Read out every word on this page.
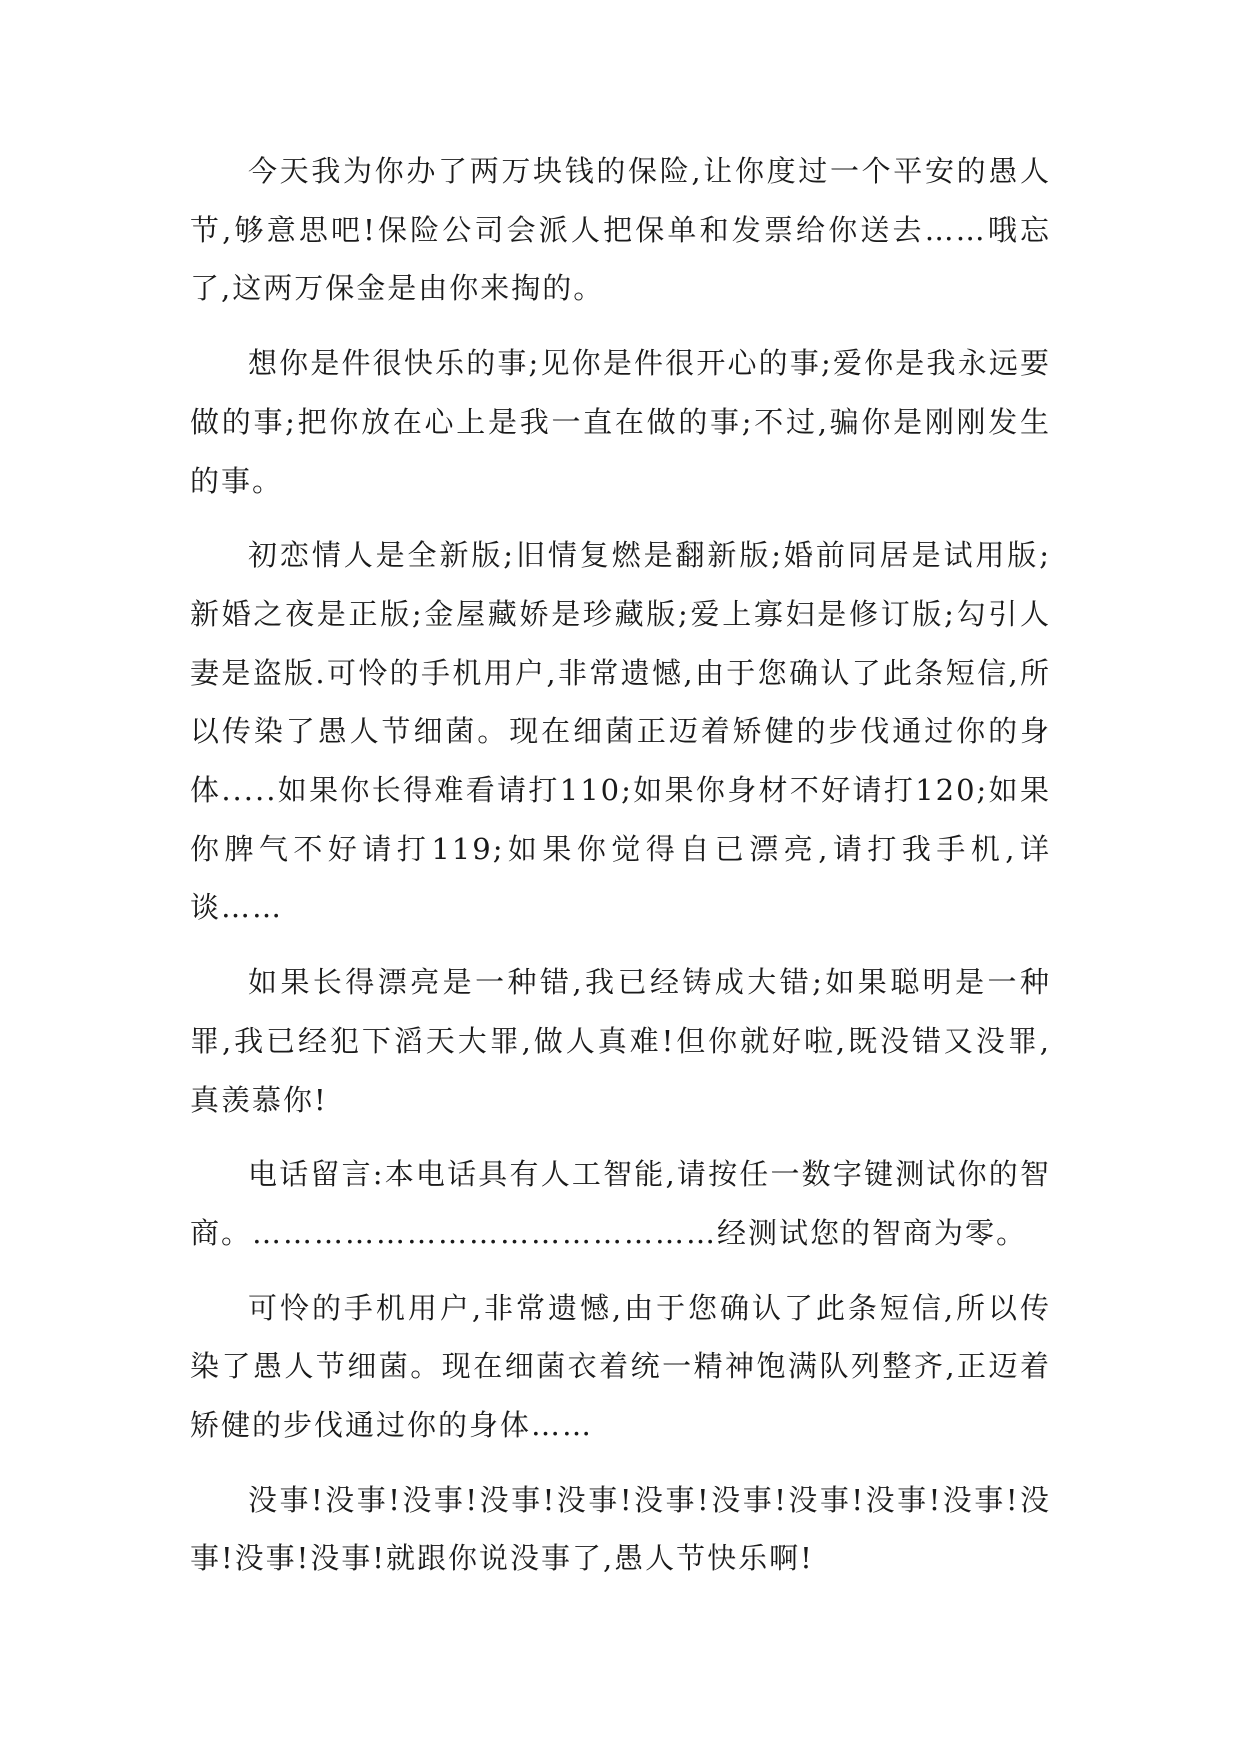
今天我为你办了两万块钱的保险,让你度过一个平安的愚人节,够意思吧!保险公司会派人把保单和发票给你送去……哦忘了,这两万保金是由你来掏的。

想你是件很快乐的事;见你是件很开心的事;爱你是我永远要做的事;把你放在心上是我一直在做的事;不过,骗你是刚刚发生的事。

初恋情人是全新版;旧情复燃是翻新版;婚前同居是试用版;新婚之夜是正版;金屋藏娇是珍藏版;爱上寡妇是修订版;勾引人妻是盗版.可怜的手机用户,非常遗憾,由于您确认了此条短信,所以传染了愚人节细菌。现在细菌正迈着矫健的步伐通过你的身体.....如果你长得难看请打110;如果你身材不好请打120;如果你脾气不好请打119;如果你觉得自已漂亮,请打我手机,详谈……

如果长得漂亮是一种错,我已经铸成大错;如果聪明是一种罪,我已经犯下滔天大罪,做人真难!但你就好啦,既没错又没罪,真羡慕你!

电话留言:本电话具有人工智能,请按任一数字键测试你的智商。………………………………………经测试您的智商为零。

可怜的手机用户,非常遗憾,由于您确认了此条短信,所以传染了愚人节细菌。现在细菌衣着统一精神饱满队列整齐,正迈着矫健的步伐通过你的身体……

没事!没事!没事!没事!没事!没事!没事!没事!没事!没事!没事!没事!没事!就跟你说没事了,愚人节快乐啊!
